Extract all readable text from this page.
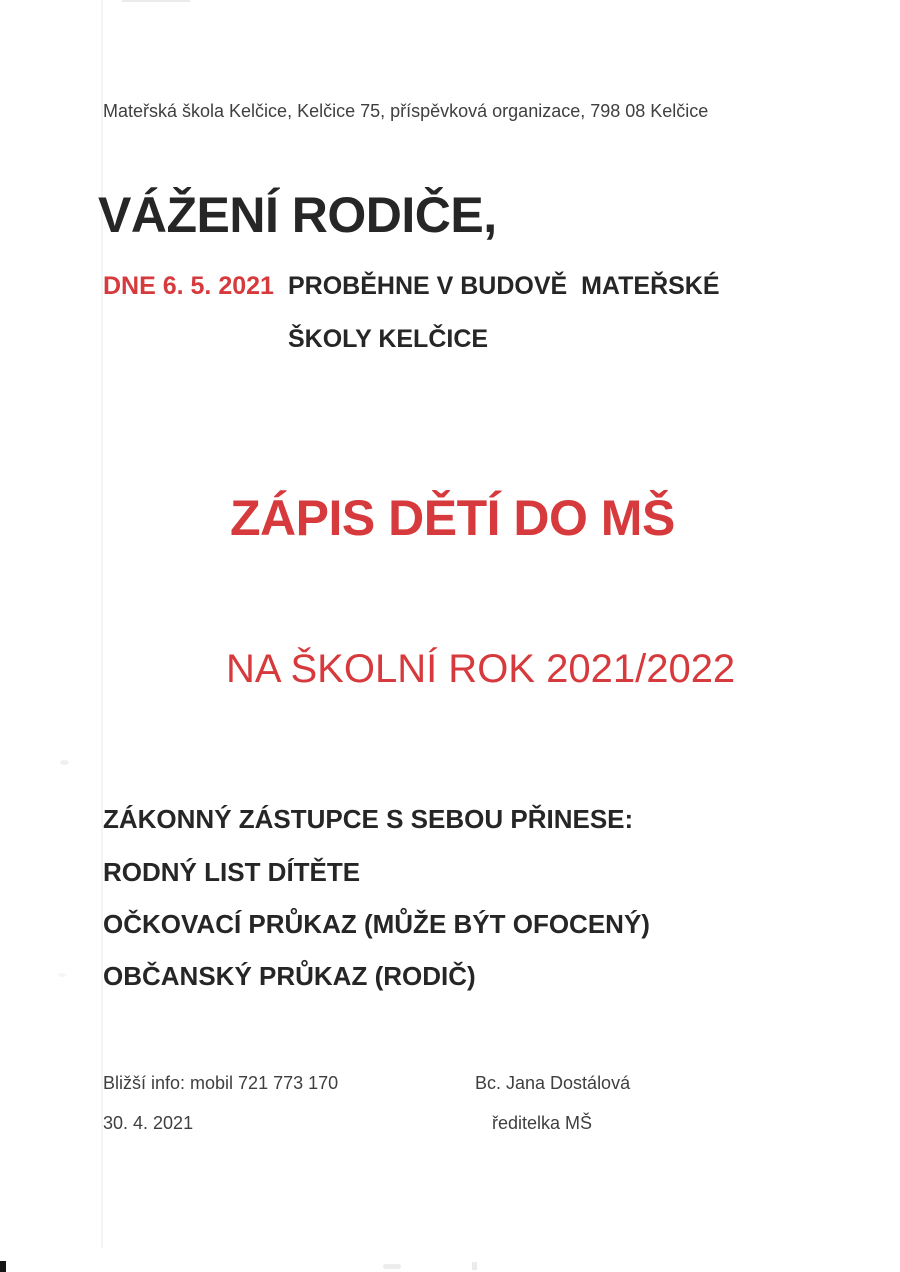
Mateřská škola Kelčice, Kelčice 75, příspěvková organizace, 798 08 Kelčice
VÁŽENÍ RODIČE,
DNE 6. 5. 2021 PROBĚHNE V BUDOVĚ  MATEŘSKÉ
ŠKOLY KELČICE
ZÁPIS DĚTÍ DO MŠ
NA ŠKOLNÍ ROK 2021/2022
ZÁKONNÝ ZÁSTUPCE S SEBOU PŘINESE:
RODNÝ LIST DÍTĚTE
OČKOVACÍ PRŮKAZ (MŮŽE BÝT OFOCENÝ)
OBČANSKÝ PRŮKAZ (RODIČ)
Bližší info: mobil 721 773 170
30. 4. 2021
Bc. Jana Dostálová
ředitelka MŠ
